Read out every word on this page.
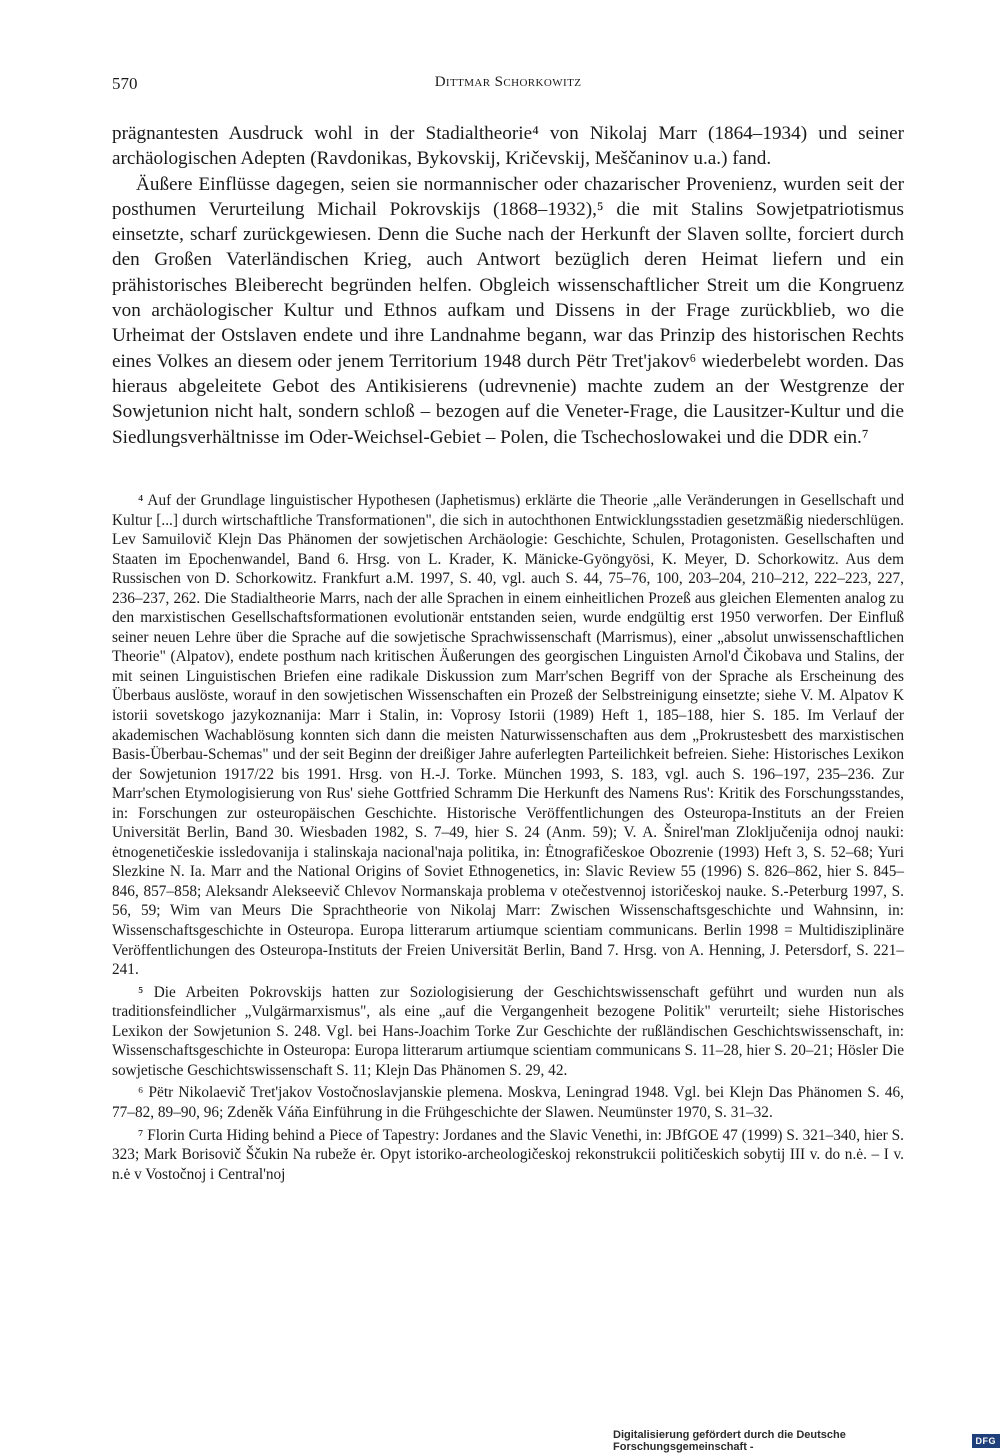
570	Dittmar Schorkowitz

prägnantesten Ausdruck wohl in der Stadialtheorie⁴ von Nikolaj Marr (1864–1934) und seiner archäologischen Adepten (Ravdonikas, Bykovskij, Kričevskij, Meščaninov u.a.) fand.

Äußere Einflüsse dagegen, seien sie normannischer oder chazarischer Provenienz, wurden seit der posthumen Verurteilung Michail Pokrovskijs (1868–1932),⁵ die mit Stalins Sowjetpatriotismus einsetzte, scharf zurückgewiesen. Denn die Suche nach der Herkunft der Slaven sollte, forciert durch den Großen Vaterländischen Krieg, auch Antwort bezüglich deren Heimat liefern und ein prähistorisches Bleiberecht begründen helfen. Obgleich wissenschaftlicher Streit um die Kongruenz von archäologischer Kultur und Ethnos aufkam und Dissens in der Frage zurückblieb, wo die Urheimat der Ostslaven endete und ihre Landnahme begann, war das Prinzip des historischen Rechts eines Volkes an diesem oder jenem Territorium 1948 durch Pëtr Tret'jakov⁶ wiederbelebt worden. Das hieraus abgeleitete Gebot des Antikisierens (udrevnenie) machte zudem an der Westgrenze der Sowjetunion nicht halt, sondern schloß – bezogen auf die Veneter-Frage, die Lausitzer-Kultur und die Siedlungsverhältnisse im Oder-Weichsel-Gebiet – Polen, die Tschechoslowakei und die DDR ein.⁷

⁴ Auf der Grundlage linguistischer Hypothesen (Japhetismus) erklärte die Theorie „alle Veränderungen in Gesellschaft und Kultur [...] durch wirtschaftliche Transformationen", die sich in autochthonen Entwicklungsstadien gesetzmäßig niederschlügen. Lev Samuilovič Klejn Das Phänomen der sowjetischen Archäologie: Geschichte, Schulen, Protagonisten. Gesellschaften und Staaten im Epochenwandel, Band 6. Hrsg. von L. Krader, K. Mänicke-Gyöngyösi, K. Meyer, D. Schorkowitz. Aus dem Russischen von D. Schorkowitz. Frankfurt a.M. 1997, S. 40, vgl. auch S. 44, 75–76, 100, 203–204, 210–212, 222–223, 227, 236–237, 262. Die Stadialtheorie Marrs, nach der alle Sprachen in einem einheitlichen Prozeß aus gleichen Elementen analog zu den marxistischen Gesellschaftsformationen evolutionär entstanden seien, wurde endgültig erst 1950 verworfen. Der Einfluß seiner neuen Lehre über die Sprache auf die sowjetische Sprachwissenschaft (Marrismus), einer „absolut unwissenschaftlichen Theorie" (Alpatov), endete posthum nach kritischen Äußerungen des georgischen Linguisten Arnol'd Čikobava und Stalins, der mit seinen Linguistischen Briefen eine radikale Diskussion zum Marr'schen Begriff von der Sprache als Erscheinung des Überbaus auslöste, worauf in den sowjetischen Wissenschaften ein Prozeß der Selbstreinigung einsetzte; siehe V. M. Alpatov K istorii sovetskogo jazykoznanija: Marr i Stalin, in: Voprosy Istorii (1989) Heft 1, 185–188, hier S. 185. Im Verlauf der akademischen Wachablösung konnten sich dann die meisten Naturwissenschaften aus dem „Prokrustesbett des marxistischen Basis-Überbau-Schemas" und der seit Beginn der dreißiger Jahre auferlegten Parteilichkeit befreien. Siehe: Historisches Lexikon der Sowjetunion 1917/22 bis 1991. Hrsg. von H.-J. Torke. München 1993, S. 183, vgl. auch S. 196–197, 235–236. Zur Marr'schen Etymologisierung von Rus' siehe Gottfried Schramm Die Herkunft des Namens Rus': Kritik des Forschungsstandes, in: Forschungen zur osteuropäischen Geschichte. Historische Veröffentlichungen des Osteuropa-Instituts an der Freien Universität Berlin, Band 30. Wiesbaden 1982, S. 7–49, hier S. 24 (Anm. 59); V. A. Šnirel'man Zloključenija odnoj nauki: ėtnogenetičeskie issledovanija i stalinskaja nacional'naja politika, in: Ėtnografičeskoe Obozrenie (1993) Heft 3, S. 52–68; Yuri Slezkine N. Ia. Marr and the National Origins of Soviet Ethnogenetics, in: Slavic Review 55 (1996) S. 826–862, hier S. 845–846, 857–858; Aleksandr Alekseevič Chlevov Normanskaja problema v otečestvennoj istoričeskoj nauke. S.-Peterburg 1997, S. 56, 59; Wim van Meurs Die Sprachtheorie von Nikolaj Marr: Zwischen Wissenschaftsgeschichte und Wahnsinn, in: Wissenschaftsgeschichte in Osteuropa. Europa litterarum artiumque scientiam communicans. Berlin 1998 = Multidisziplinäre Veröffentlichungen des Osteuropa-Instituts der Freien Universität Berlin, Band 7. Hrsg. von A. Henning, J. Petersdorf, S. 221–241.

⁵ Die Arbeiten Pokrovskijs hatten zur Soziologisierung der Geschichtswissenschaft geführt und wurden nun als traditionsfeindlicher „Vulgärmarxismus", als eine „auf die Vergangenheit bezogene Politik" verurteilt; siehe Historisches Lexikon der Sowjetunion S. 248. Vgl. bei Hans-Joachim Torke Zur Geschichte der rußländischen Geschichtswissenschaft, in: Wissenschaftsgeschichte in Osteuropa: Europa litterarum artiumque scientiam communicans S. 11–28, hier S. 20–21; Hösler Die sowjetische Geschichtswissenschaft S. 11; Klejn Das Phänomen S. 29, 42.

⁶ Pëtr Nikolaevič Tret'jakov Vostočnoslavjanskie plemena. Moskva, Leningrad 1948. Vgl. bei Klejn Das Phänomen S. 46, 77–82, 89–90, 96; Zdeněk Váňa Einführung in die Frühgeschichte der Slawen. Neumünster 1970, S. 31–32.

⁷ Florin Curta Hiding behind a Piece of Tapestry: Jordanes and the Slavic Venethi, in: JBfGOE 47 (1999) S. 321–340, hier S. 323; Mark Borisovič Ščukin Na rubeže ėr. Opyt istoriko-archeologičeskoj rekonstrukcii političeskich sobytij III v. do n.ė. – I v. n.ė v Vostočnoj i Central'noj

Digitalisierung gefördert durch die Deutsche Forschungsgemeinschaft -	DFG
